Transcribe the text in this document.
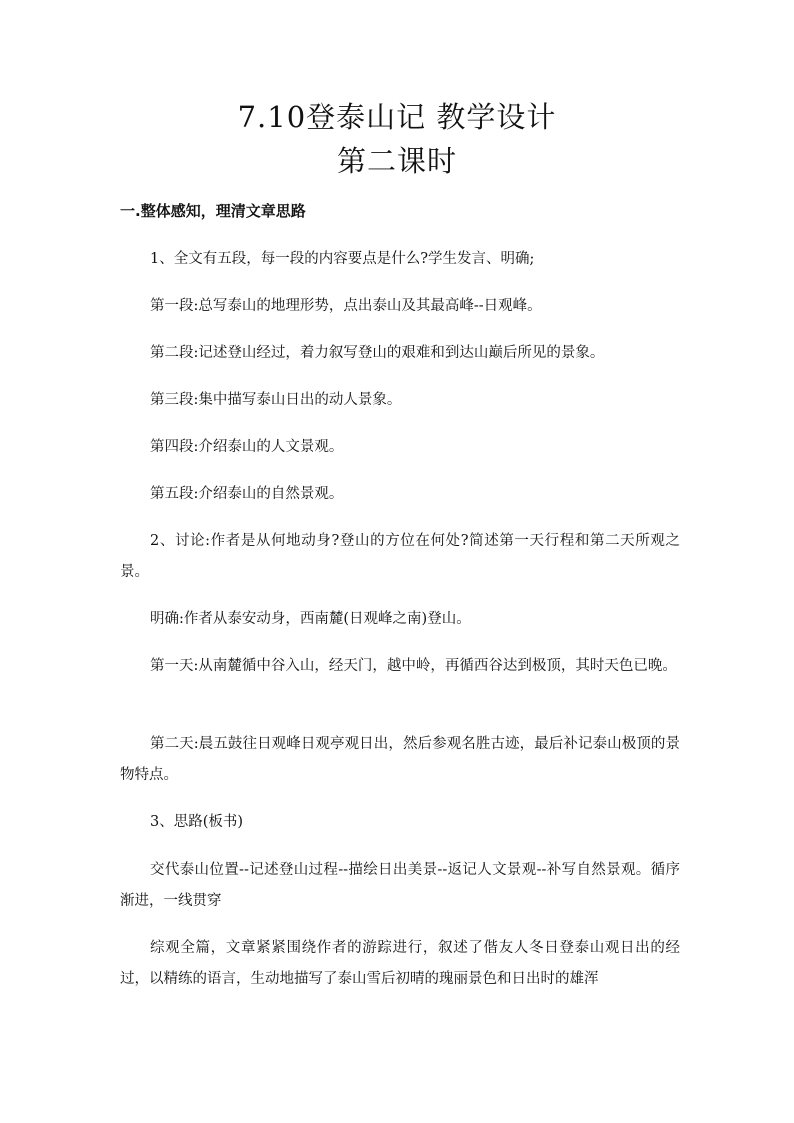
7.10登泰山记 教学设计
第二课时
一.整体感知，理清文章思路
1、全文有五段，每一段的内容要点是什么?学生发言、明确;
第一段:总写泰山的地理形势，点出泰山及其最高峰--日观峰。
第二段:记述登山经过，着力叙写登山的艰难和到达山巅后所见的景象。
第三段:集中描写泰山日出的动人景象。
第四段:介绍泰山的人文景观。
第五段:介绍泰山的自然景观。
2、讨论:作者是从何地动身?登山的方位在何处?简述第一天行程和第二天所观之景。
明确:作者从泰安动身，西南麓(日观峰之南)登山。
第一天:从南麓循中谷入山，经天门，越中岭，再循西谷达到极顶，其时天色已晚。
第二天:晨五鼓往日观峰日观亭观日出，然后参观名胜古迹，最后补记泰山极顶的景物特点。
3、思路(板书)
交代泰山位置--记述登山过程--描绘日出美景--返记人文景观--补写自然景观。循序渐进，一线贯穿
综观全篇，文章紧紧围绕作者的游踪进行，叙述了偕友人冬日登泰山观日出的经过，以精练的语言，生动地描写了泰山雪后初晴的瑰丽景色和日出时的雄浑
